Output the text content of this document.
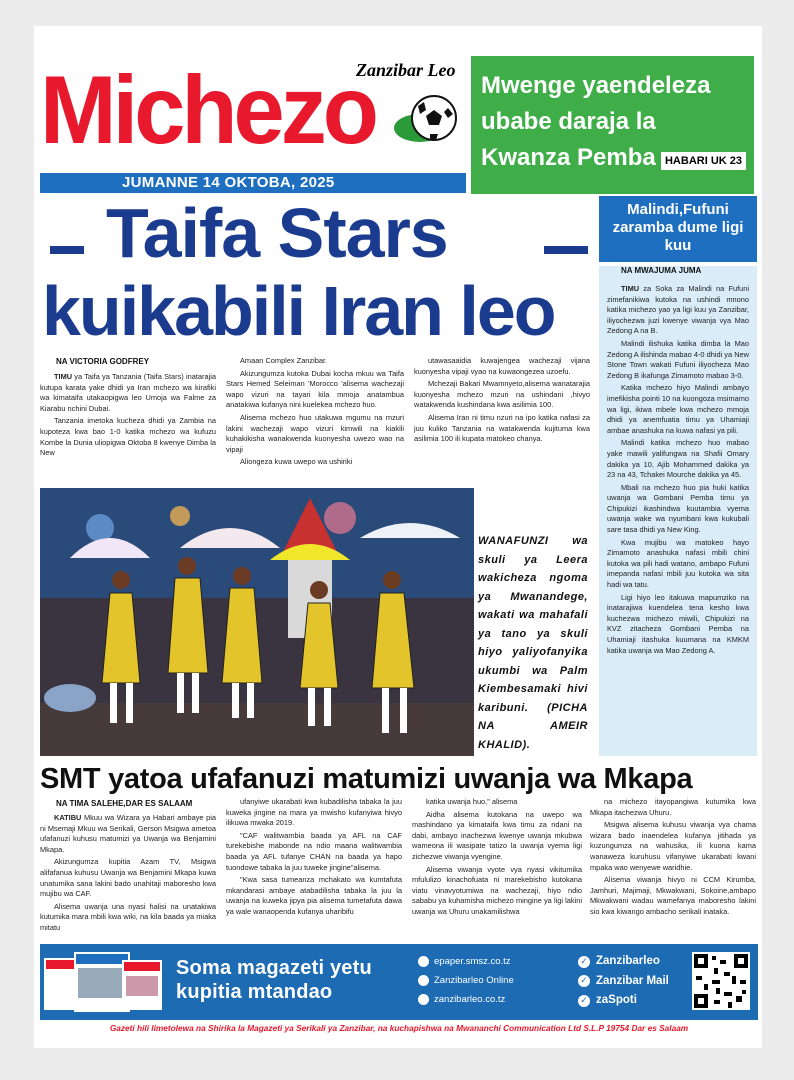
Zanzibar Leo
Michezo
JUMANNE 14 OKTOBA, 2025
Mwenge yaendeleza ubabe daraja la Kwanza Pemba HABARI UK 23
Taifa Stars
kuikabili Iran leo
NA VICTORIA GODFREY

TIMU ya Taifa ya Tanzania (Taifa Stars) inatarajia kutupa karata yake dhidi ya Iran mchezo wa kirafiki wa kimataifa utakaopigwa leo Umoja wa Falme za Kiarabu nchini Dubai.

Tanzania imetoka kucheza dhidi ya Zambia na kupoteza kwa bao 1-0 katika mchezo wa kufuzu Kombe la Dunia uliopigwa Oktoba 8 kwenye Dimba la New

Amaan Complex Zanzibar.

Akizungumza kutoka Dubai kocha mkuu wa Taifa Stars Hemed Seleiman 'Morocco 'alisema wachezaji wapo vizuri na tayari kila mmoja anatambua anatakiwa kufanya nini kuelekea mchezo huo.

Alisema mchezo huo utakuwa mgumu na mzuri lakini wachezaji wapo vizuri kimwili na kiakili kuhakikisha wanakwenda kuonyesha uwezo wao na vipaji

Aliongeza kuwa uwepo wa ushiriki

utawasaaidia kuwajengea wachezaji vijana kuonyesha vipaji vyao na kuwaongezea uzoefu.

Mchezaji Bakari Mwamnyeto,alisema wanatarajia kuonyesha mchezo mzuri na ushindani ,hivyo watakwenda kushindana kwa asilimia 100.

Alisema Iran ni timu nzuri na ipo katika nafasi za juu kuliko Tanzania na watakwenda kujituma kwa asilimia 100 ili kupata matokeo chanya.

Malindi,Fufuni zaramba dume ligi kuu
NA MWAJUMA JUMA

TIMU za Soka za Malindi na Fufuni zimefanikiwa kutoka na ushindi mnono katika michezo yao ya ligi kuu ya Zanzibar, iliyochezwa juzi kwenye viwanja vya Mao Zedong A na B.

Malindi ilishuka katika dimba la Mao Zedong A ilishinda mabao 4-0 dhidi ya New Stone Town wakati Fufuni iliyocheza Mao Zedong B ikafunga Zimamoto mabao 3-0.

Katika mchezo hiyo Malindi ambayo imefikisha pointi 10 na kuongoza msimamo wa ligi, ikiwa mbele kwa mchezo mmoja dhidi ya anemfuatia timu ya Uhamiaji ambae anashuka na kuwa nafasi ya pili.

Malindi katika mchezo huo mabao yake mawili yalifungwa na Shafii Omary dakika ya 10, Ajib Mohammed dakika ya 23 na 43, Tchakei Mourche dakika ya 45.

Mbali na mchezo huo pia huki katika uwanja wa Gombani Pemba timu ya Chipukizi ikashindwa kuutambia vyema uwanja wake wa nyumbani kwa kukubali sare tasa dhidi ya New King.

Kwa mujibu wa matokeo hayo Zimamoto anashuka nafasi mbili chini kutoka wa pili hadi watano, ambapo Fufuni imepanda nafasi mbili juu kutoka wa sita hadi wa tatu.

Ligi hiyo leo itakuwa mapumziko na inatarajiwa kuendelea tena kesho kwa kuchezwa michezo miwili, Chipukizi na KVZ zitacheza Gombani Pemba na Uhamiaji itashuka kuumana na KMKM katika uwanja wa Mao Zedong A.

WANAFUNZI wa skuli ya Leera wakicheza ngoma ya Mwanandege, wakati wa mahafali ya tano ya skuli hiyo yaliyofanyika ukumbi wa Palm Kiembesamaki hivi karibuni. (PICHA NA AMEIR KHALID).
SMT yatoa ufafanuzi matumizi uwanja wa Mkapa
NA TIMA SALEHE,DAR ES SALAAM

KATIBU Mkuu wa Wizara ya Habari ambaye pia ni Msemaji Mkuu wa Serikali, Gerson Msigwa ametoa ufafanuzi kuhusu matumizi ya Uwanja wa Benjamini Mkapa.

Akizungumza kupitia Azam TV, Msigwa alifafanua kuhusu Uwanja wa Benjamini Mkapa kuwa unatumika sana lakini bado unahitaji maboresho kwa mujibu wa CAF.

Alisema uwanja una nyasi halisi na unatakiwa kutumika mara mbili kwa wiki, na kila baada ya miaka mitatu

ufanyiwe ukarabati kwa kubadilisha tabaka la juu kuweka jingine na mara ya mwisho kufanyiwa hivyo ilikuwa mwaka 2019.

"CAF walitwambia baada ya AFL na CAF turekebishe mabonde na ndio maana walitwambia baada ya AFL tufanye CHAN na baada ya hapo tuondowe tabaka la juu tuweke jingine"alisema.

"Kwa sasa tumeanza mchakato wa kumtafuta mkandarasi ambaye atabadilisha tabaka la juu la uwanja na kuweka jipya pia alisema tumetafuta dawa ya wale wanaopenda kufanya uharibifu

katika uwanja huo," alisema

Aidha alisema kutokana na uwepo wa mashindano ya kimataifa kwa timu za ndani na dabi, ambayo inachezwa kwenye uwanja mkubwa wameona ili wasipate tatizo la uwanja vyema ligi zichezwe viwanja vyengine.

Alisema viwanja vyote vya nyasi vikitumika mfululizo kinachofuata ni marekebisho kutokana viatu vinavyotumiwa na wachezaji, hiyo ndio sababu ya kuhamisha michezo mingine ya ligi lakini uwanja wa Uhuru unakamilishwa

na michezo itayopangiwa kutumika kwa Mkapa itachezwa Uhuru.

Msigwa alisema kuhusu viwanja vya chama wizara bado inaendelea kufanya jitihada ya kuzungumza na wahusika, ili kuona kama wanaweza kuruhusu vifanyiwe ukarabati kwani mpaka wao wenyewe waridhie.

Alisema viwanja hivyo ni CCM Kirumba, Jamhuri, Majimaji, Mkwakwani, Sokoine,ambapo Mkwakwani wadau wamefanya maboresho lakini sio kwa kiwango ambacho serikali inataka.

Soma magazeti yetu
kupitia mtandao
epaper.smsz.co.tz
Zanzibarleo Online
zanzibarleo.co.tz
✓ Zanzibarleo
✓ Zanzibar Mail
✓ zaSpoti
Gazeti hili limetolewa na Shirika la Magazeti ya Serikali ya Zanzibar, na kuchapishwa na Mwananchi Communication Ltd S.L.P 19754 Dar es Salaam
